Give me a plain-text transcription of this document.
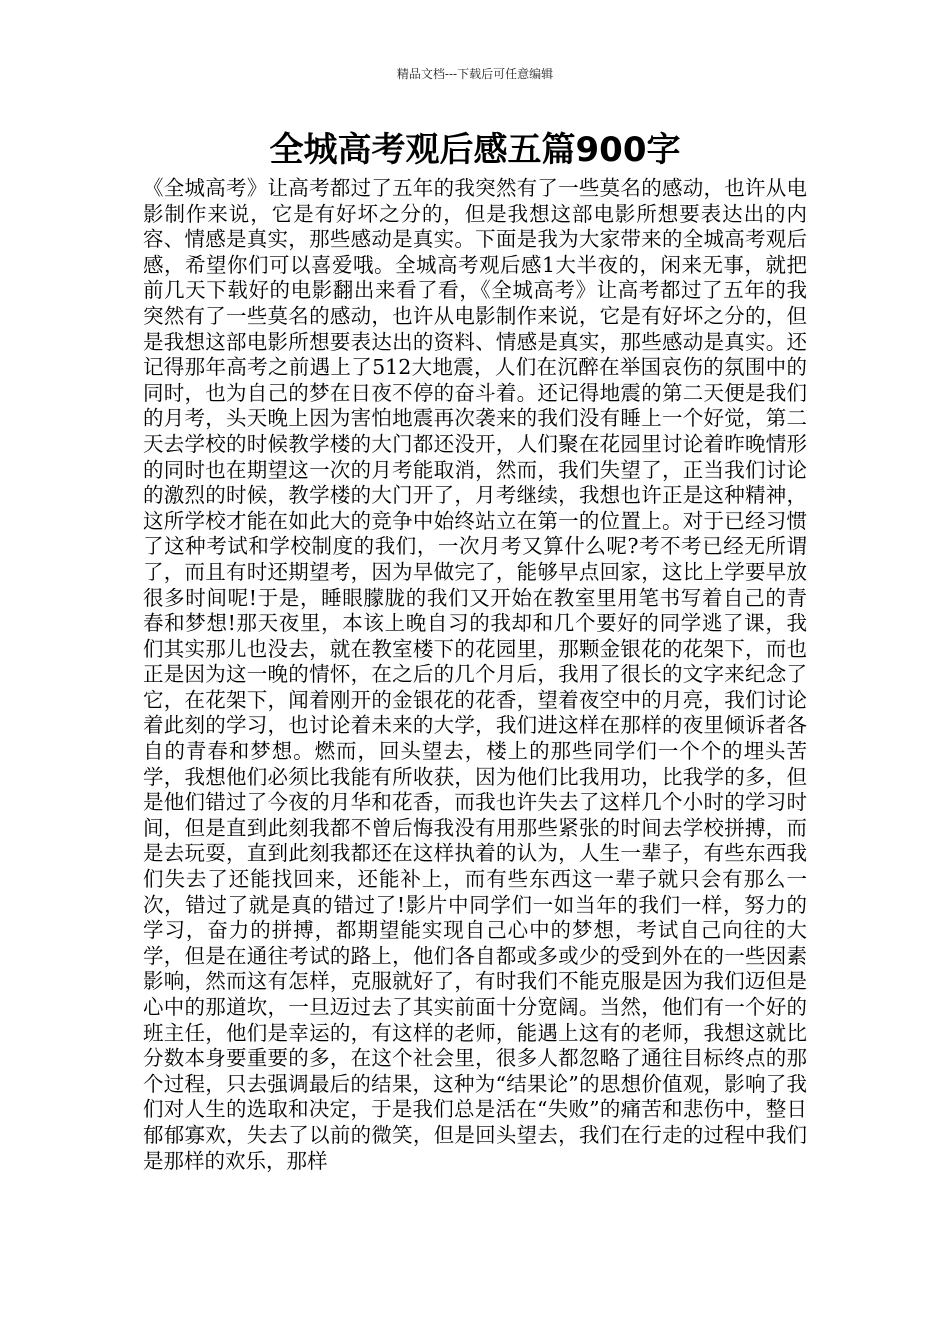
精品文档---下载后可任意编辑
全城高考观后感五篇900字

《全城高考》让高考都过了五年的我突然有了一些莫名的感动，也许从电影制作来说，它是有好坏之分的，但是我想这部电影所想要表达出的内容、情感是真实，那些感动是真实。下面是我为大家带来的全城高考观后感，希望你们可以喜爱哦。全城高考观后感1大半夜的，闲来无事，就把前几天下载好的电影翻出来看了看，《全城高考》让高考都过了五年的我突然有了一些莫名的感动，也许从电影制作来说，它是有好坏之分的，但是我想这部电影所想要表达出的资料、情感是真实，那些感动是真实。还记得那年高考之前遇上了512大地震，人们在沉醉在举国哀伤的氛围中的同时，也为自己的梦在日夜不停的奋斗着。还记得地震的第二天便是我们的月考，头天晚上因为害怕地震再次袭来的我们没有睡上一个好觉，第二天去学校的时候教学楼的大门都还没开，人们聚在花园里讨论着昨晚情形的同时也在期望这一次的月考能取消，然而，我们失望了，正当我们讨论的激烈的时候，教学楼的大门开了，月考继续，我想也许正是这种精神，这所学校才能在如此大的竞争中始终站立在第一的位置上。对于已经习惯了这种考试和学校制度的我们，一次月考又算什么呢?考不考已经无所谓了，而且有时还期望考，因为早做完了，能够早点回家，这比上学要早放很多时间呢!于是，睡眼朦胧的我们又开始在教室里用笔书写着自己的青春和梦想!那天夜里，本该上晚自习的我却和几个要好的同学逃了课，我们其实那儿也没去，就在教室楼下的花园里，那颗金银花的花架下，而也正是因为这一晚的情怀，在之后的几个月后，我用了很长的文字来纪念了它，在花架下，闻着刚开的金银花的花香，望着夜空中的月亮，我们讨论着此刻的学习，也讨论着未来的大学，我们进这样在那样的夜里倾诉者各自的青春和梦想。燃而，回头望去，楼上的那些同学们一个个的埋头苦学，我想他们必须比我能有所收获，因为他们比我用功，比我学的多，但是他们错过了今夜的月华和花香，而我也许失去了这样几个小时的学习时间，但是直到此刻我都不曾后悔我没有用那些紧张的时间去学校拼搏，而是去玩耍，直到此刻我都还在这样执着的认为，人生一辈子，有些东西我们失去了还能找回来，还能补上，而有些东西这一辈子就只会有那么一次，错过了就是真的错过了!影片中同学们一如当年的我们一样，努力的学习，奋力的拼搏，都期望能实现自己心中的梦想，考试自己向往的大学，但是在通往考试的路上，他们各自都或多或少的受到外在的一些因素影响，然而这有怎样，克服就好了，有时我们不能克服是因为我们迈但是心中的那道坎，一旦迈过去了其实前面十分宽阔。当然，他们有一个好的班主任，他们是幸运的，有这样的老师，能遇上这有的老师，我想这就比分数本身要重要的多，在这个社会里，很多人都忽略了通往目标终点的那个过程，只去强调最后的结果，这种为“结果论”的思想价值观，影响了我们对人生的选取和决定，于是我们总是活在“失败”的痛苦和悲伤中，整日郁郁寡欢，失去了以前的微笑，但是回头望去，我们在行走的过程中我们是那样的欢乐，那样
